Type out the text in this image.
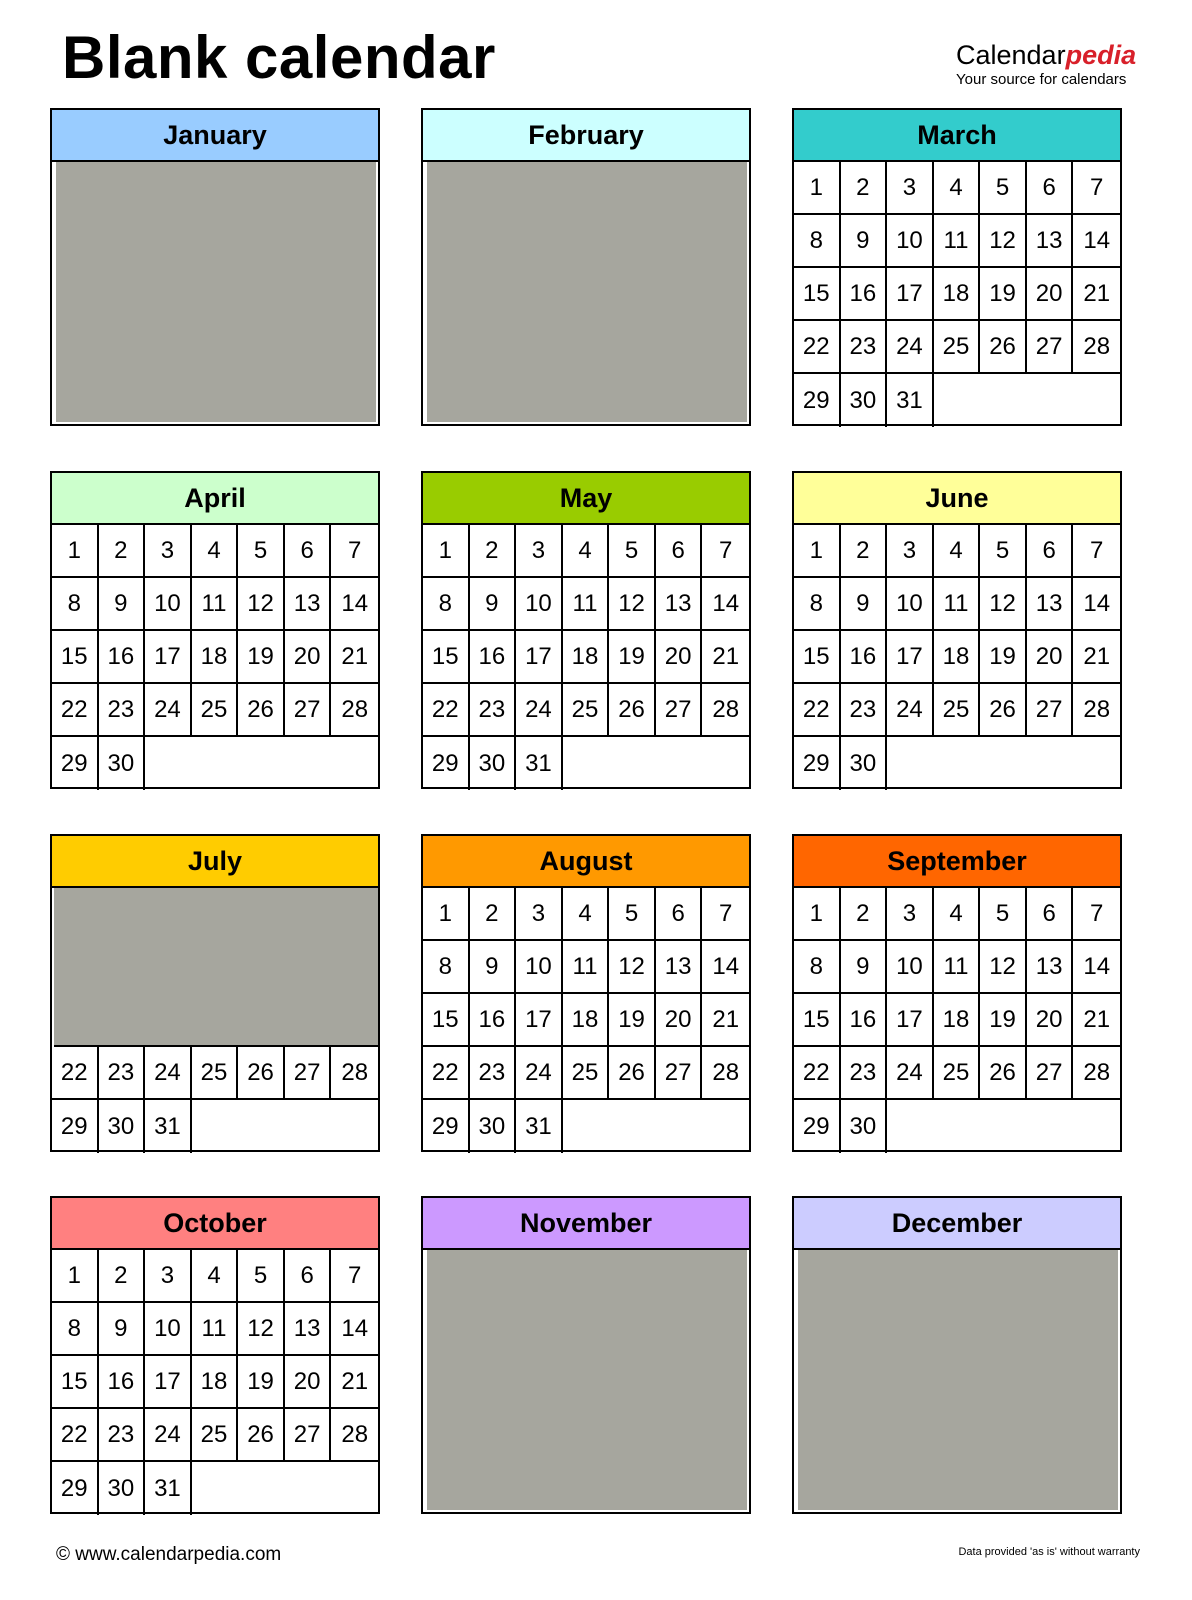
Blank calendar	Calendarpedia
Your source for calendars
January	February	March
1	2	3	4	5	6	7
8	9	10 11 12 13 14
15 16 17 18 19 20 21
22 23 24 25 26 27 28
29 30 31
April
1	2	3	4	5	6	7
8	9	10 11 12 13 14
15 16 17 18 19 20 21
22 23 24 25 26 27 28
29 30
May
1	2	3	4	5	6	7
8	9	10 11 12 13 14
15 16 17 18 19 20 21
22 23 24 25 26 27 28
29 30 31
June
1	2	3	4	5	6	7
8	9	10 11 12 13 14
15 16 17 18 19 20 21
22 23 24 25 26 27 28
29 30
July
22 23 24 25 26 27 28
29 30 31
August
1	2	3	4	5	6	7
8	9	10 11 12 13 14
15 16 17 18 19 20 21
22 23 24 25 26 27 28
29 30 31
September
1	2	3	4	5	6	7
8	9	10 11 12 13 14
15 16 17 18 19 20 21
22 23 24 25 26 27 28
29 30
October
1	2	3	4	5	6	7
8	9	10 11 12 13 14
15 16 17 18 19 20 21
22 23 24 25 26 27 28
29 30 31
November	December
© www.calendarpedia.com	Data provided 'as is' without warranty
